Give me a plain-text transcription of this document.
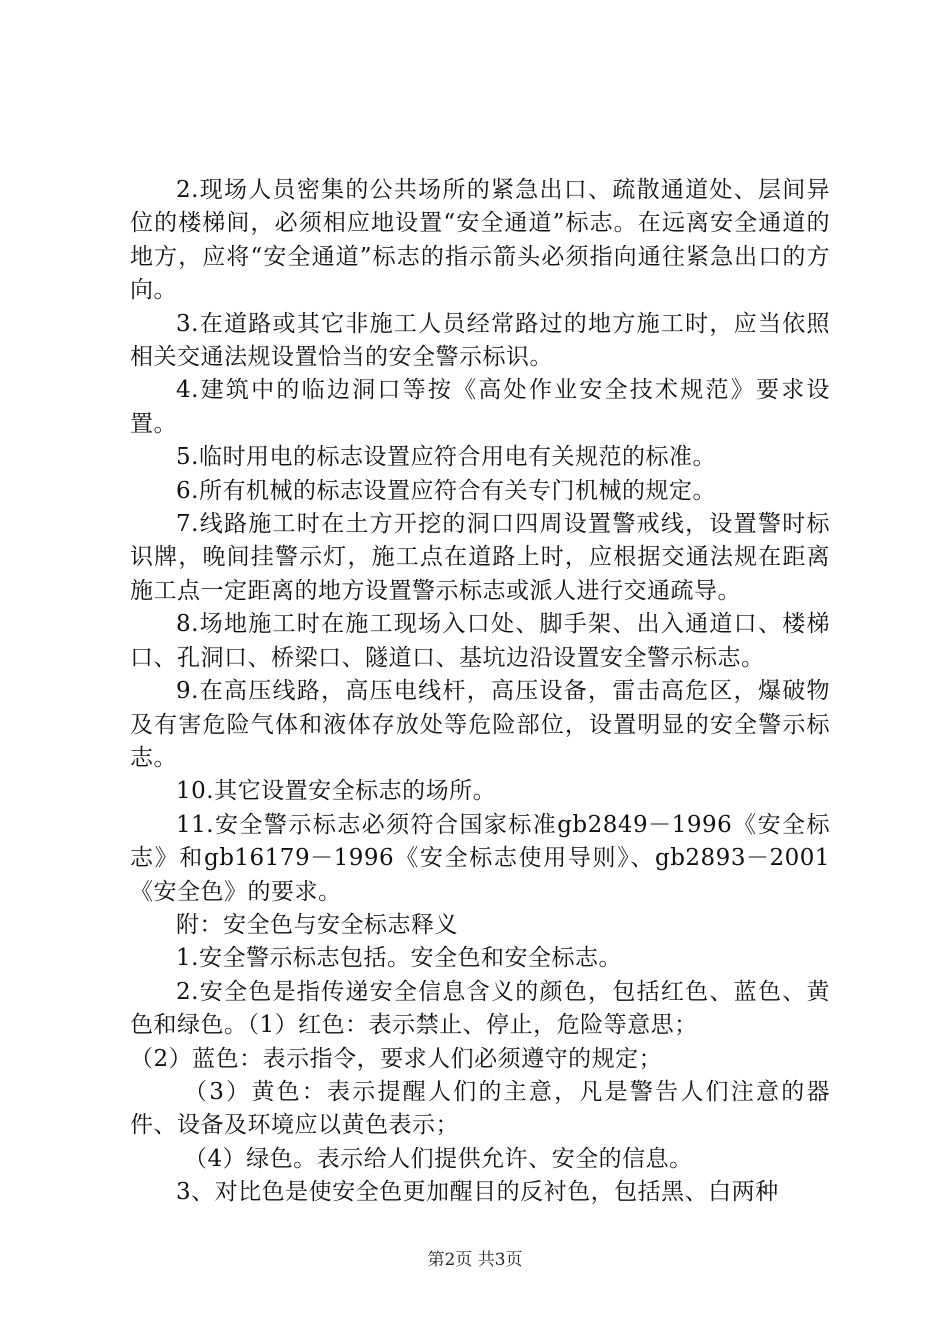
2.现场人员密集的公共场所的紧急出口、疏散通道处、层间异位的楼梯间，必须相应地设置“安全通道”标志。在远离安全通道的地方，应将“安全通道”标志的指示箭头必须指向通往紧急出口的方向。

3.在道路或其它非施工人员经常路过的地方施工时，应当依照相关交通法规设置恰当的安全警示标识。

4.建筑中的临边洞口等按《高处作业安全技术规范》要求设置。

5.临时用电的标志设置应符合用电有关规范的标准。

6.所有机械的标志设置应符合有关专门机械的规定。

7.线路施工时在土方开挖的洞口四周设置警戒线，设置警时标识牌，晚间挂警示灯，施工点在道路上时，应根据交通法规在距离施工点一定距离的地方设置警示标志或派人进行交通疏导。

8.场地施工时在施工现场入口处、脚手架、出入通道口、楼梯口、孔洞口、桥梁口、隧道口、基坑边沿设置安全警示标志。

9.在高压线路，高压电线杆，高压设备，雷击高危区，爆破物及有害危险气体和液体存放处等危险部位，设置明显的安全警示标志。

10.其它设置安全标志的场所。

11.安全警示标志必须符合国家标准gb2849－1996《安全标志》和gb16179－1996《安全标志使用导则》、gb2893－2001《安全色》的要求。

附：安全色与安全标志释义

1.安全警示标志包括。安全色和安全标志。

2.安全色是指传递安全信息含义的颜色，包括红色、蓝色、黄色和绿色。（1）红色：表示禁止、停止，危险等意思；

（2）蓝色：表示指令，要求人们必须遵守的规定；

（3）黄色：表示提醒人们的主意，凡是警告人们注意的器件、设备及环境应以黄色表示；

（4）绿色。表示给人们提供允许、安全的信息。

3、对比色是使安全色更加醒目的反衬色，包括黑、白两种

第2页 共3页
